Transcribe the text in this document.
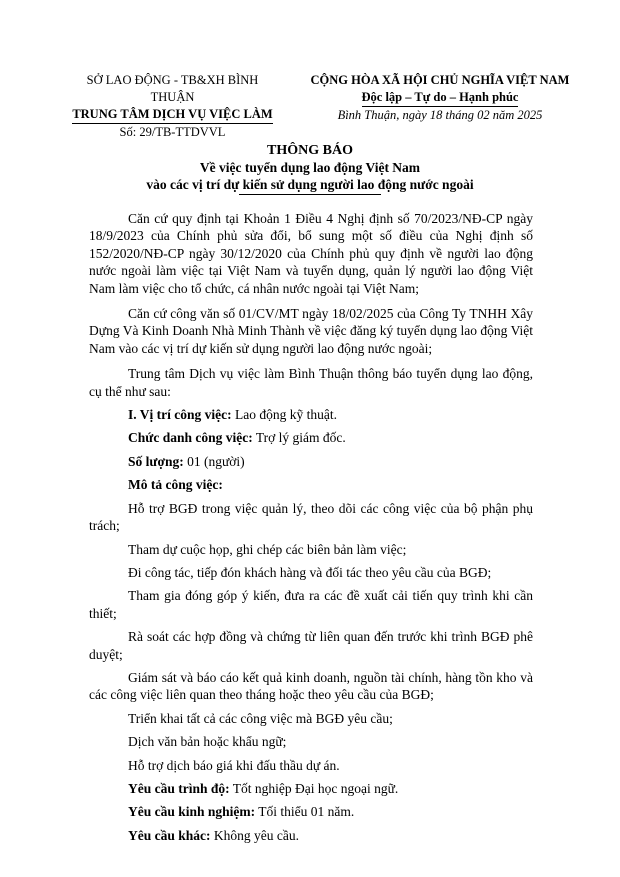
SỞ LAO ĐỘNG - TB&XH BÌNH THUẬN
TRUNG TÂM DỊCH VỤ VIỆC LÀM
Số: 29/TB-TTDVVL
CỘNG HÒA XÃ HỘI CHỦ NGHĨA VIỆT NAM
Độc lập – Tự do – Hạnh phúc
Bình Thuận, ngày 18 tháng 02 năm 2025
THÔNG BÁO
Về việc tuyển dụng lao động Việt Nam
vào các vị trí dự kiến sử dụng người lao động nước ngoài

Căn cứ quy định tại Khoản 1 Điều 4 Nghị định số 70/2023/NĐ-CP ngày 18/9/2023 của Chính phủ sửa đổi, bổ sung một số điều của Nghị định số 152/2020/NĐ-CP ngày 30/12/2020 của Chính phủ quy định về người lao động nước ngoài làm việc tại Việt Nam và tuyển dụng, quản lý người lao động Việt Nam làm việc cho tổ chức, cá nhân nước ngoài tại Việt Nam;

Căn cứ công văn số 01/CV/MT ngày 18/02/2025 của Công Ty TNHH Xây Dựng Và Kinh Doanh Nhà Minh Thành về việc đăng ký tuyển dụng lao động Việt Nam vào các vị trí dự kiến sử dụng người lao động nước ngoài;

Trung tâm Dịch vụ việc làm Bình Thuận thông báo tuyển dụng lao động, cụ thể như sau:

I. Vị trí công việc: Lao động kỹ thuật.

Chức danh công việc: Trợ lý giám đốc.

Số lượng: 01 (người)

Mô tả công việc:

Hỗ trợ BGĐ trong việc quản lý, theo dõi các công việc của bộ phận phụ trách;

Tham dự cuộc họp, ghi chép các biên bản làm việc;

Đi công tác, tiếp đón khách hàng và đối tác theo yêu cầu của BGĐ;

Tham gia đóng góp ý kiến, đưa ra các đề xuất cải tiến quy trình khi cần thiết;

Rà soát các hợp đồng và chứng từ liên quan đến trước khi trình BGĐ phê duyệt;

Giám sát và báo cáo kết quả kinh doanh, nguồn tài chính, hàng tồn kho và các công việc liên quan theo tháng hoặc theo yêu cầu của BGĐ;

Triển khai tất cả các công việc mà BGĐ yêu cầu;

Dịch văn bản hoặc khẩu ngữ;

Hỗ trợ dịch báo giá khi đấu thầu dự án.

Yêu cầu trình độ: Tốt nghiệp Đại học ngoại ngữ.

Yêu cầu kinh nghiệm: Tối thiểu 01 năm.

Yêu cầu khác: Không yêu cầu.
